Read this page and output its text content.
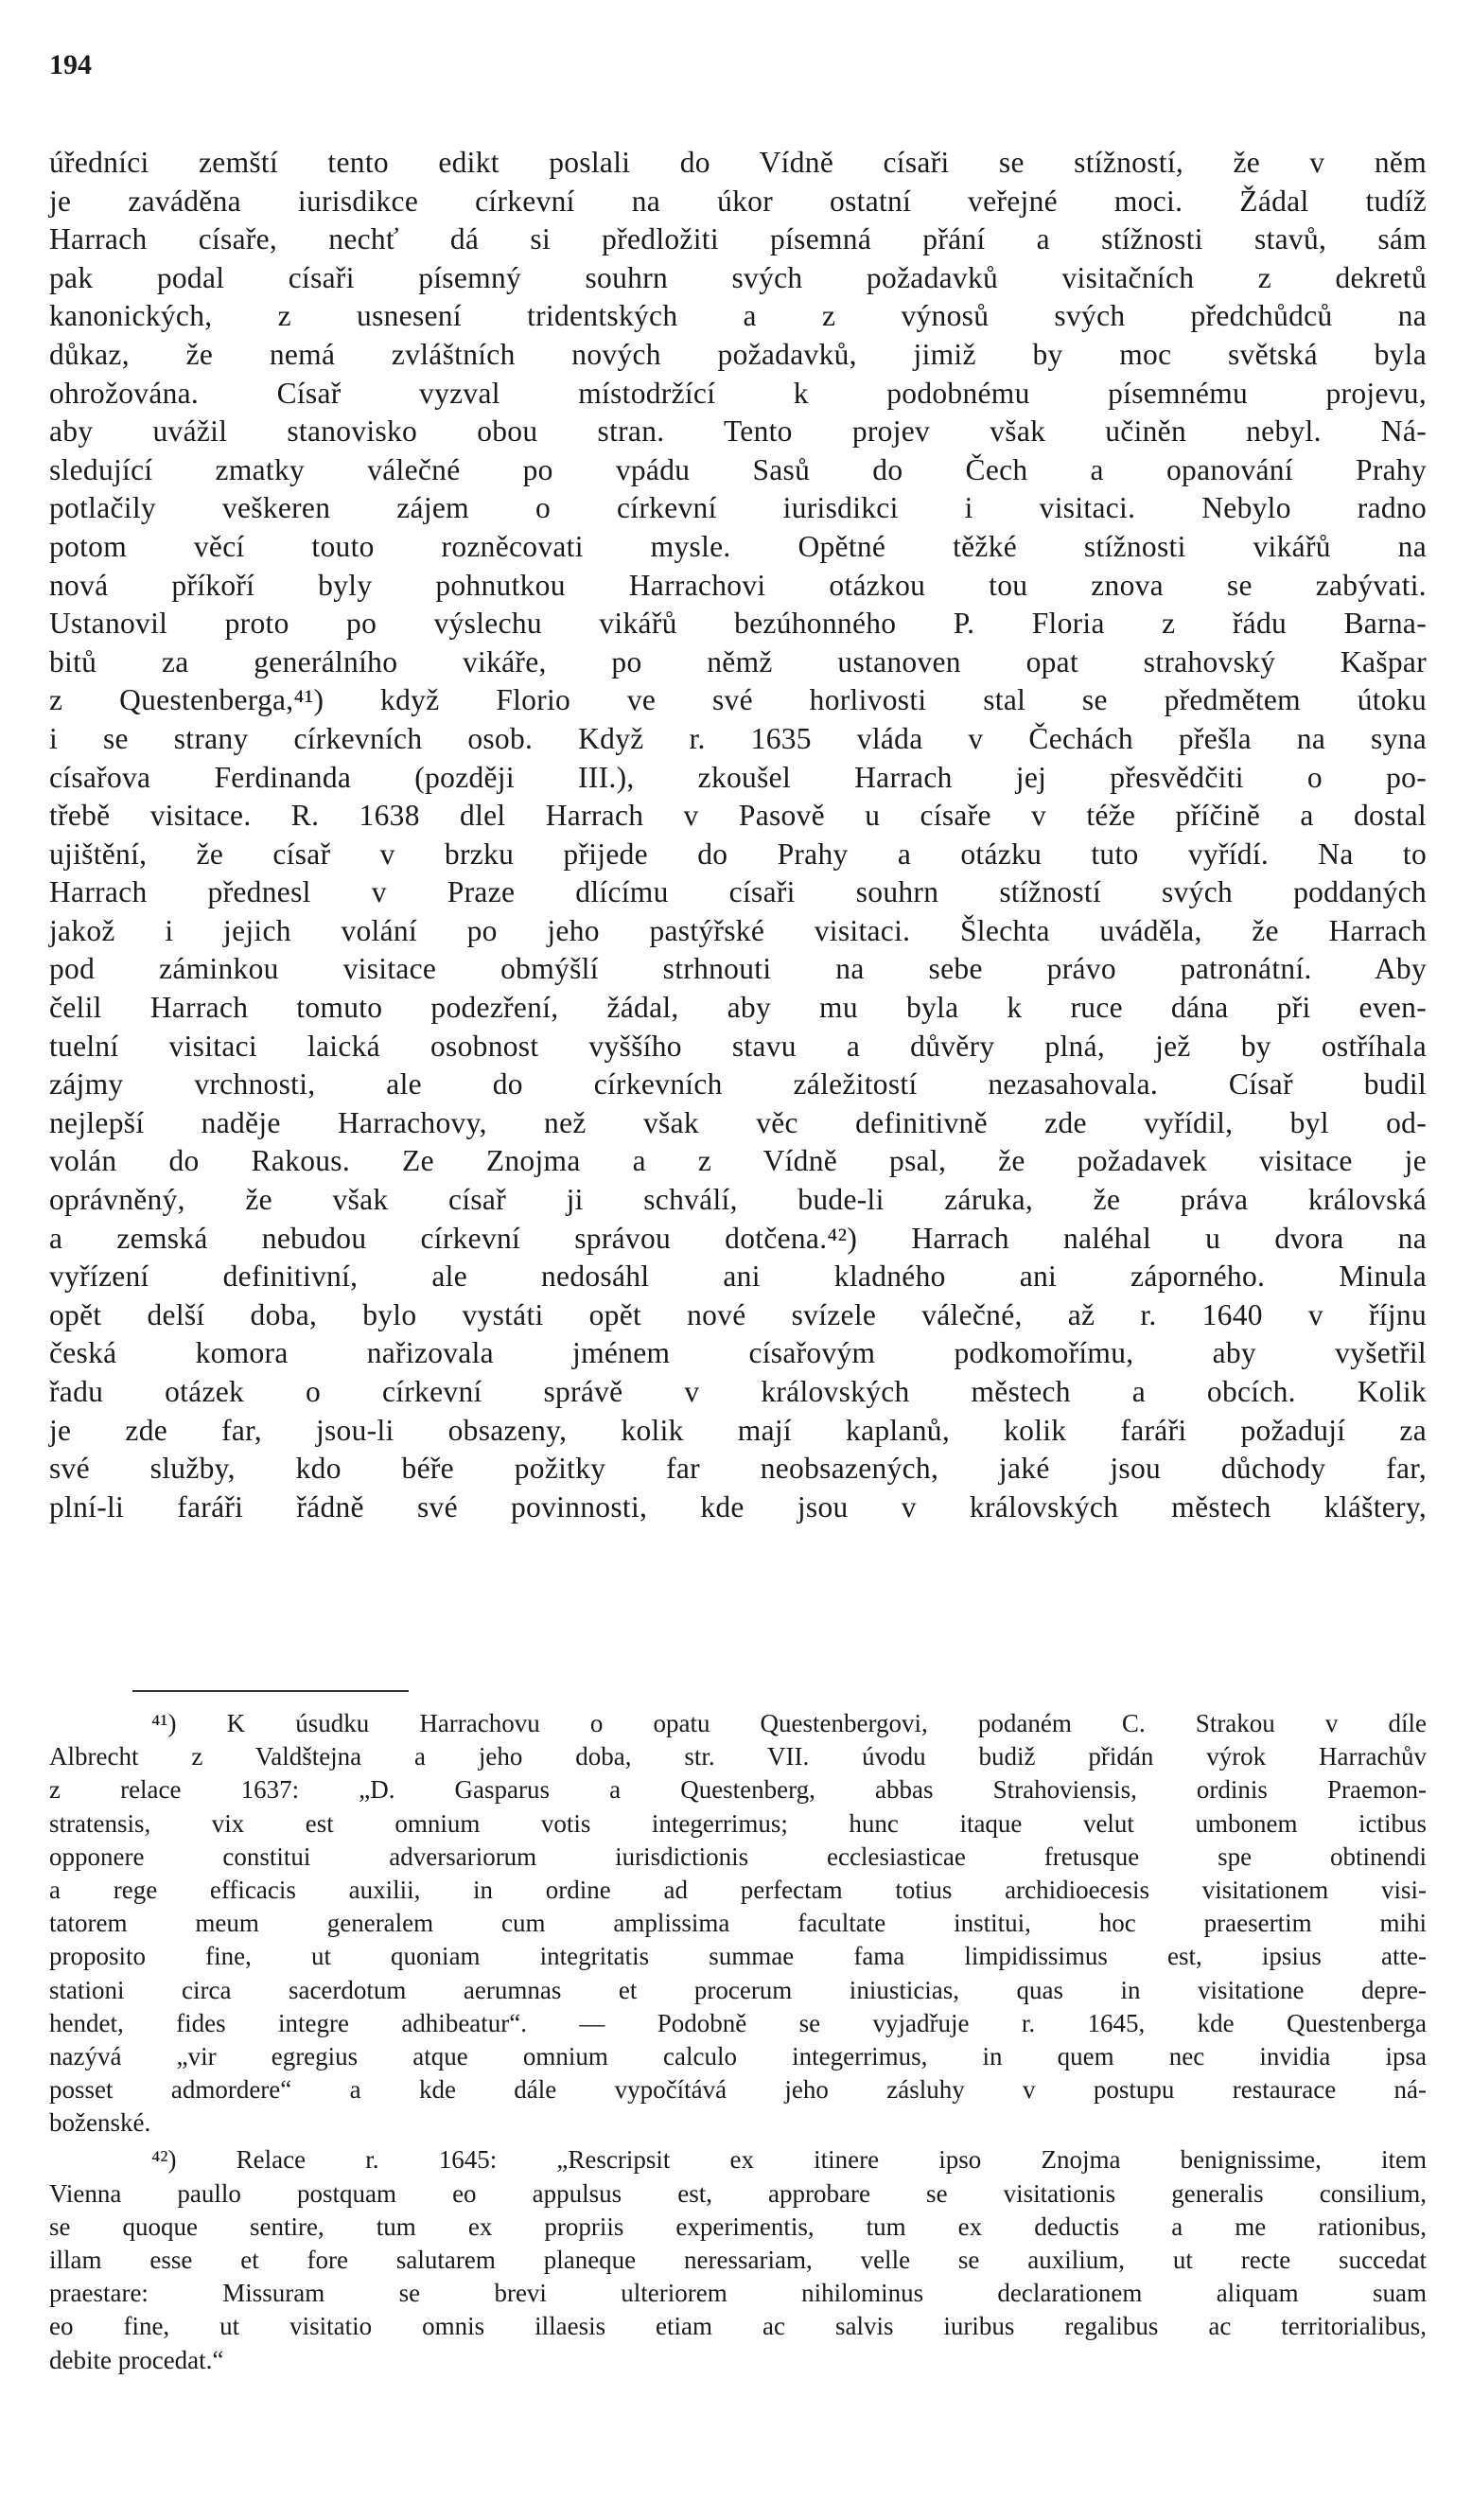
194
úředníci zemští tento edikt poslali do Vídně císaři se stížností, že v něm
je zaváděna iurisdikce církevní na úkor ostatní veřejné moci. Žádal tudíž
Harrach císaře, nechť dá si předložiti písemná přání a stížnosti stavů, sám
pak podal císaři písemný souhrn svých požadavků visitačních z dekretů
kanonických, z usnesení tridentských a z výnosů svých předchůdců na
důkaz, že nemá zvláštních nových požadavků, jimiž by moc světská byla
ohrožována. Císař vyzval místodržící k podobnému písemnému projevu,
aby uvážil stanovisko obou stran. Tento projev však učiněn nebyl. Ná-
sledující zmatky válečné po vpádu Sasů do Čech a opanování Prahy
potlačily veškeren zájem o církevní iurisdikci i visitaci. Nebylo radno
potom věcí touto rozněcovati mysle. Opětné těžké stížnosti vikářů na
nová příkoří byly pohnutkou Harrachovi otázkou tou znova se zabývati.
Ustanovil proto po výslechu vikářů bezúhonného P. Floria z řádu Barna-
bitů za generálního vikáře, po němž ustanoven opat strahovský Kašpar
z Questenberga,⁴¹) když Florio ve své horlivosti stal se předmětem útoku
i se strany církevních osob. Když r. 1635 vláda v Čechách přešla na syna
císařova Ferdinanda (později III.), zkoušel Harrach jej přesvědčiti o po-
třebě visitace. R. 1638 dlel Harrach v Pasově u císaře v téže příčině a dostal
ujištění, že císař v brzku přijede do Prahy a otázku tuto vyřídí. Na to
Harrach přednesl v Praze dlícímu císaři souhrn stížností svých poddaných
jakož i jejich volání po jeho pastýřské visitaci. Šlechta uváděla, že Harrach
pod záminkou visitace obmýšlí strhnouti na sebe právo patronátní. Aby
čelil Harrach tomuto podezření, žádal, aby mu byla k ruce dána při even-
tuelní visitaci laická osobnost vyššího stavu a důvěry plná, jež by ostříhala
zájmy vrchnosti, ale do církevních záležitostí nezasahovala. Císař budil
nejlepší naděje Harrachovy, než však věc definitivně zde vyřídil, byl od-
volán do Rakous. Ze Znojma a z Vídně psal, že požadavek visitace je
oprávněný, že však císař ji schválí, bude-li záruka, že práva královská
a zemská nebudou církevní správou dotčena.⁴²) Harrach naléhal u dvora na
vyřízení definitivní, ale nedosáhl ani kladného ani záporného. Minula
opět delší doba, bylo vystáti opět nové svízele válečné, až r. 1640 v říjnu
česká komora nařizovala jménem císařovým podkomořímu, aby vyšetřil
řadu otázek o církevní správě v královských městech a obcích. Kolik
je zde far, jsou-li obsazeny, kolik mají kaplanů, kolik faráři požadují za
své služby, kdo béře požitky far neobsazených, jaké jsou důchody far,
plní-li faráři řádně své povinnosti, kde jsou v královských městech kláštery,
⁴¹) K úsudku Harrachovu o opatu Questenbergovi, podaném C. Strakou v díle
Albrecht z Valdštejna a jeho doba, str. VII. úvodu budiž přidán výrok Harrachův
z relace 1637: „D. Gasparus a Questenberg, abbas Strahoviensis, ordinis Praemon-
stratensis, vix est omnium votis integerrimus; hunc itaque velut umbonem ictibus
opponere constitui adversariorum iurisdictionis ecclesiasticae fretusque spe obtinendi
a rege efficacis auxilii, in ordine ad perfectam totius archidioecesis visitationem visi-
tatorem meum generalem cum amplissima facultate institui, hoc praesertim mihi
proposito fine, ut quoniam integritatis summae fama limpidissimus est, ipsius atte-
stationi circa sacerdotum aerumnas et procerum iniusticias, quas in visitatione depre-
hendet, fides integre adhibeatur“. — Podobně se vyjadřuje r. 1645, kde Questenberga
nazývá „vir egregius atque omnium calculo integerrimus, in quem nec invidia ipsa
posset admordere“ a kde dále vypočítává jeho zásluhy v postupu restaurace ná-
boženské.
⁴²) Relace r. 1645: „Rescripsit ex itinere ipso Znojma benignissime, item
Vienna paullo postquam eo appulsus est, approbare se visitationis generalis consilium,
se quoque sentire, tum ex propriis experimentis, tum ex deductis a me rationibus,
illam esse et fore salutarem planeque neressariam, velle se auxilium, ut recte succedat
praestare: Missuram se brevi ulteriorem nihilominus declarationem aliquam suam
eo fine, ut visitatio omnis illaesis etiam ac salvis iuribus regalibus ac territorialibus,
debite procedat.“
